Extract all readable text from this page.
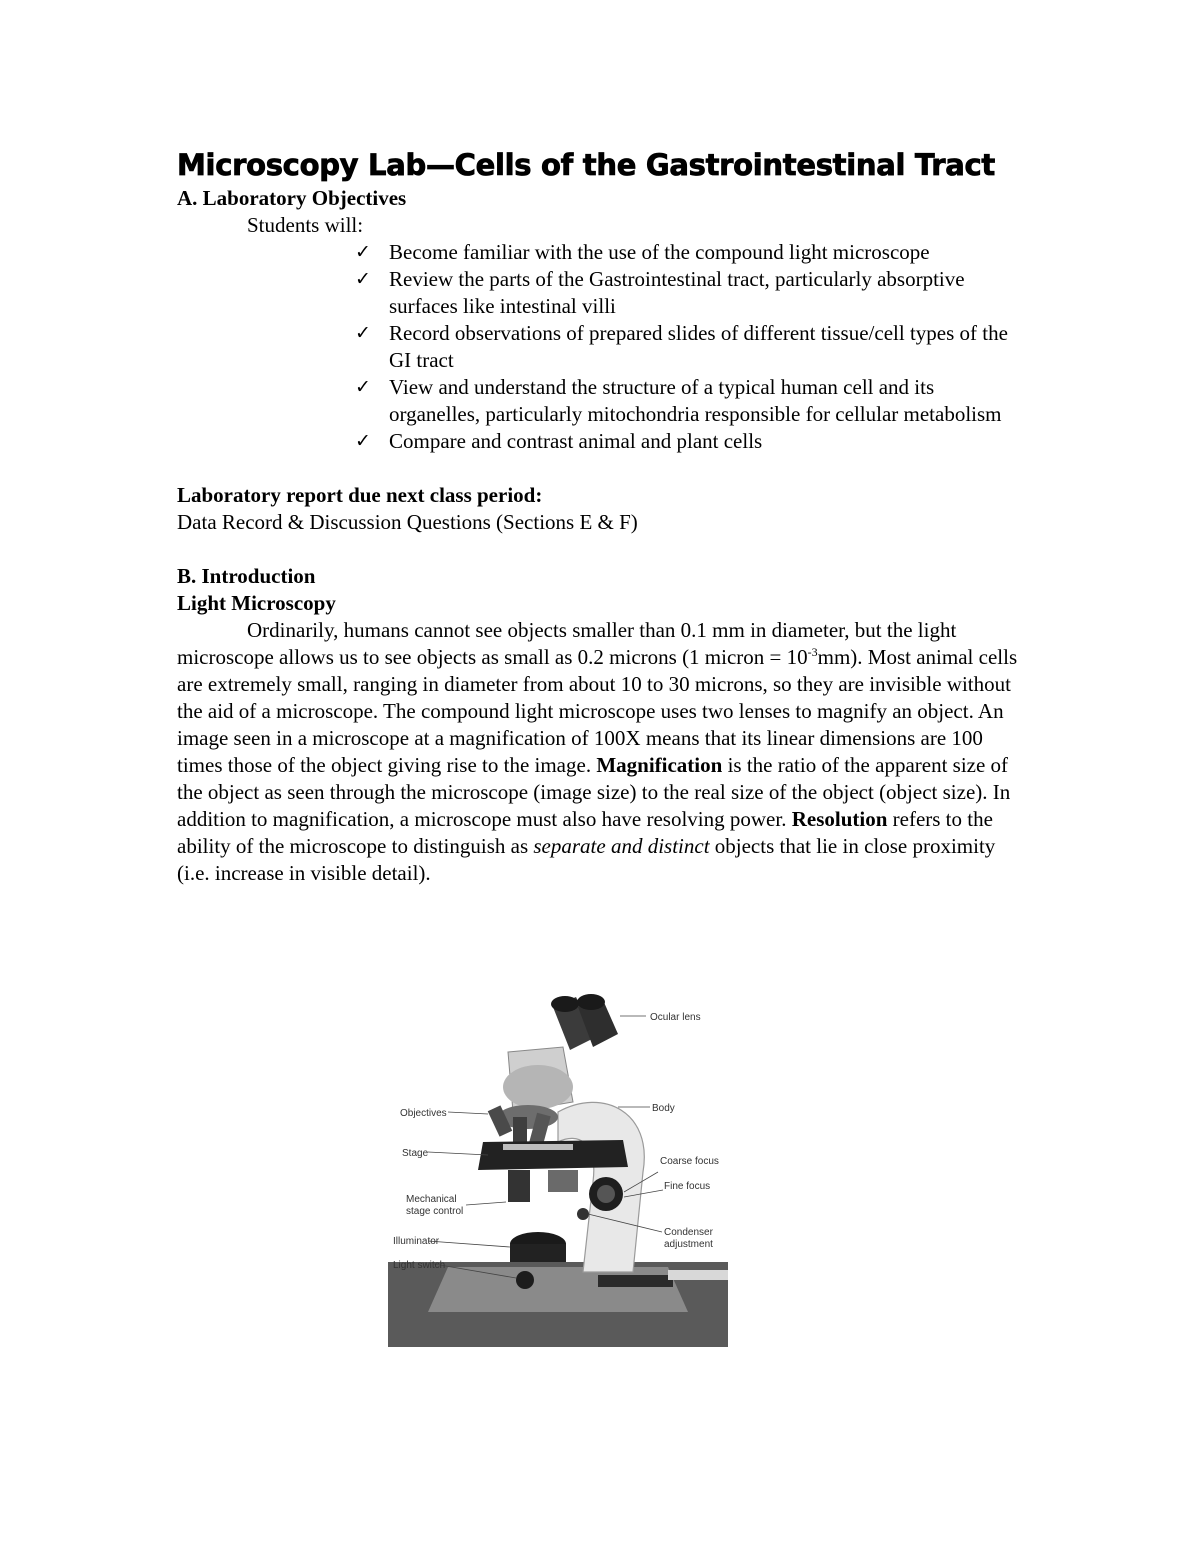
Microscopy Lab—Cells of the Gastrointestinal Tract

A. Laboratory Objectives

Students will:

✓ Become familiar with the use of the compound light microscope
✓ Review the parts of the Gastrointestinal tract, particularly absorptive surfaces like intestinal villi
✓ Record observations of prepared slides of different tissue/cell types of the GI tract
✓ View and understand the structure of a typical human cell and its organelles, particularly mitochondria responsible for cellular metabolism
✓ Compare and contrast animal and plant cells

Laboratory report due next class period:

Data Record & Discussion Questions (Sections E & F)

B. Introduction

Light Microscopy

Ordinarily, humans cannot see objects smaller than 0.1 mm in diameter, but the light microscope allows us to see objects as small as 0.2 microns (1 micron = $10^{-3}mm$). Most animal cells are extremely small, ranging in diameter from about 10 to 30 microns, so they are invisible without the aid of a microscope. The compound light microscope uses two lenses to magnify an object. An image seen in a microscope at a magnification of 100X means that its linear dimensions are 100 times those of the object giving rise to the image. Magnification is the ratio of the apparent size of the object as seen through the microscope (image size) to the real size of the object (object size). In addition to magnification, a microscope must also have resolving power. Resolution refers to the ability of the microscope to distinguish as separate and distinct objects that lie in close proximity (i.e. increase in visible detail).

Ocular lens
Body
Coarse focus
Fine focus
Condenser
adjustment
Objectives
Stage
Mechanical
stage control
Illuminator
Light switch
